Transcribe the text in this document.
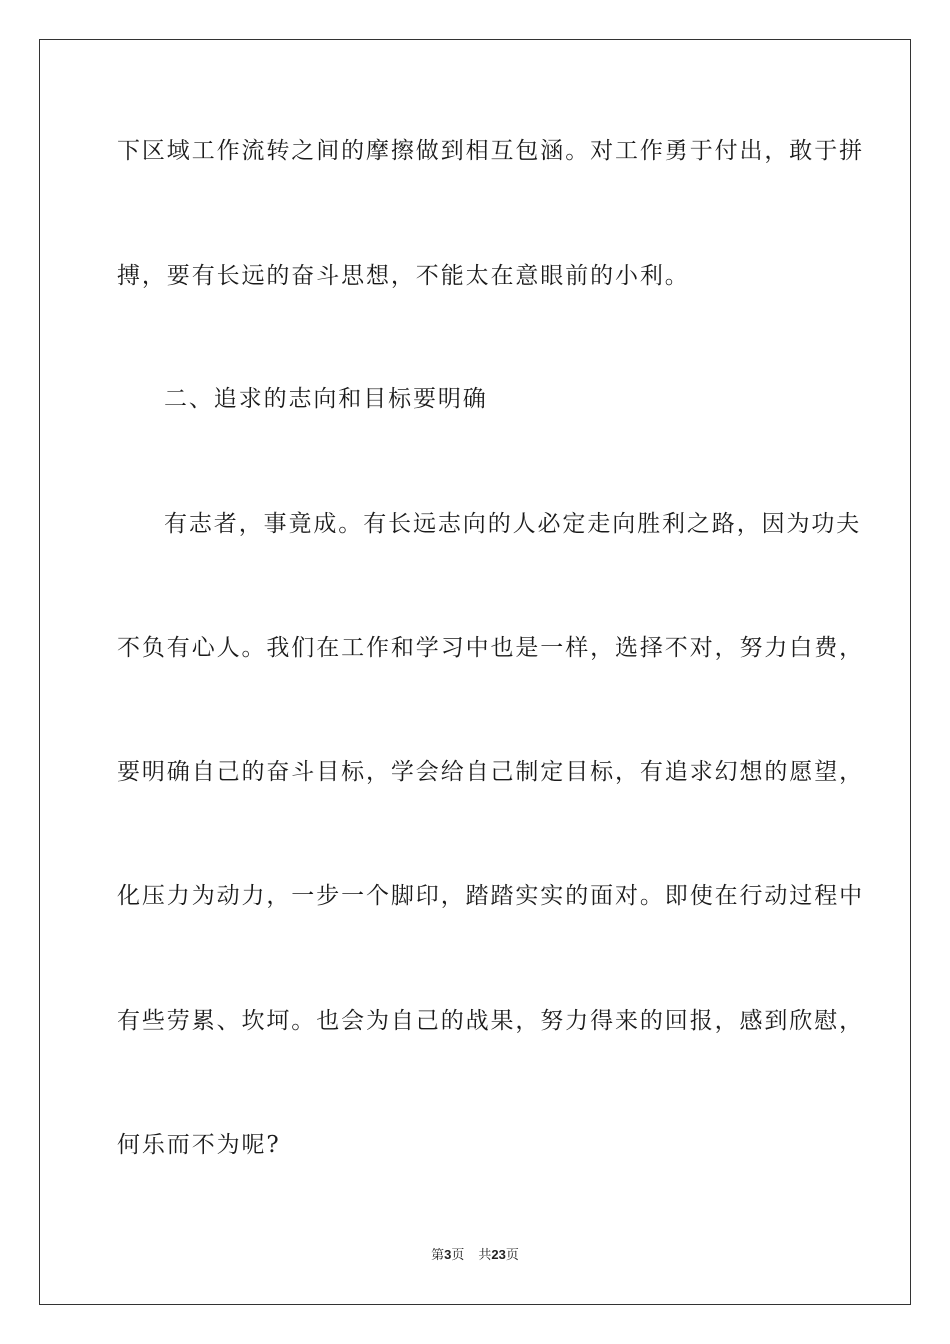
下区域工作流转之间的摩擦做到相互包涵。对工作勇于付出，敢于拼
搏，要有长远的奋斗思想，不能太在意眼前的小利。
二、追求的志向和目标要明确
有志者，事竟成。有长远志向的人必定走向胜利之路，因为功夫
不负有心人。我们在工作和学习中也是一样，选择不对，努力白费，
要明确自己的奋斗目标，学会给自己制定目标，有追求幻想的愿望，
化压力为动力，一步一个脚印，踏踏实实的面对。即使在行动过程中
有些劳累、坎坷。也会为自己的战果，努力得来的回报，感到欣慰，
何乐而不为呢?
第3页 共23页
